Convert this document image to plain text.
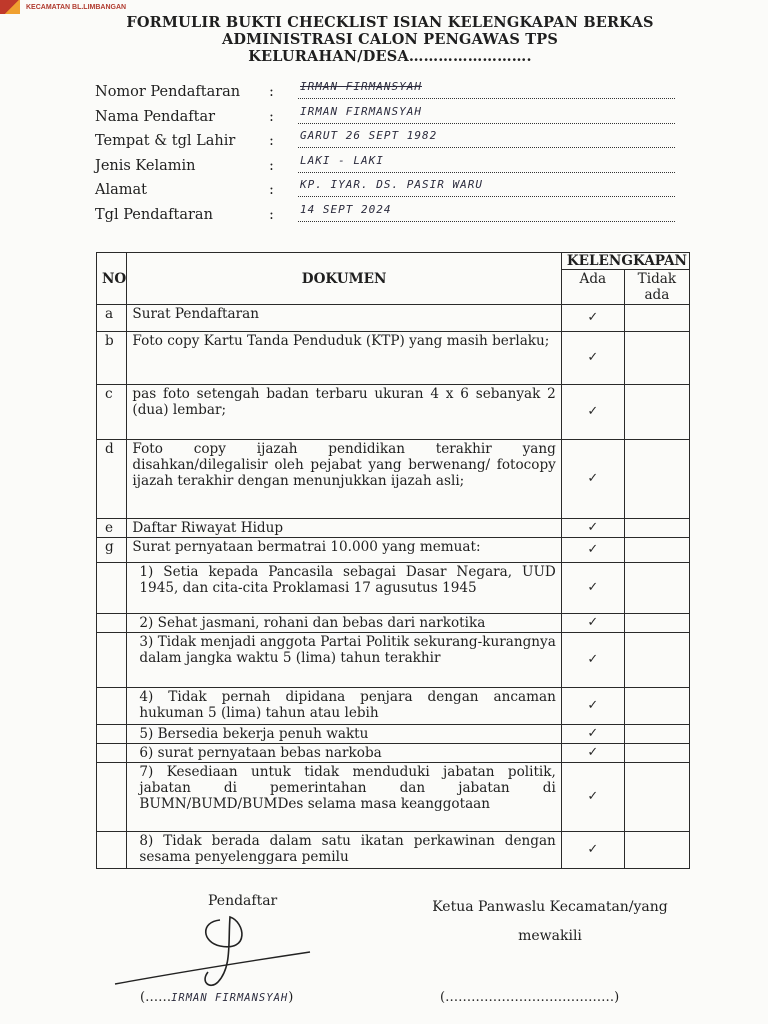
KECAMATAN BL.LIMBANGAN
FORMULIR BUKTI CHECKLIST ISIAN KELENGKAPAN BERKAS
ADMINISTRASI CALON PENGAWAS TPS
KELURAHAN/DESA…………………….
Nomor Pendaftaran : IRMAN FIRMANSYAH
Nama Pendaftar	: IRMAN FIRMANSYAH
Tempat & tgl Lahir : GARUT 26 SEPT 1982
Jenis Kelamin	: LAKI - LAKI
Alamat	: KP. IYAR. DS. PASIR WARU
Tgl Pendaftaran	: 14 SEPT 2024
NO	DOKUMEN	KELENGKAPAN	
		Ada	Tidak ada
a	Surat Pendaftaran	✓	
b	Foto copy Kartu Tanda Penduduk (KTP) yang masih berlaku;	✓	
c	pas foto setengah badan terbaru ukuran 4 x 6 sebanyak 2 (dua) lembar;	✓	
d	Foto copy ijazah pendidikan terakhir yang disahkan/dilegalisir oleh pejabat yang berwenang/ fotocopy ijazah terakhir dengan menunjukkan ijazah asli;	✓	
e	Daftar Riwayat Hidup	✓	
g	Surat pernyataan bermatrai 10.000 yang memuat:	✓	
	1) Setia kepada Pancasila sebagai Dasar Negara, UUD 1945, dan cita-cita Proklamasi 17 agusutus 1945	✓	
	2) Sehat jasmani, rohani dan bebas dari narkotika	✓	
	3) Tidak menjadi anggota Partai Politik sekurang-kurangnya dalam jangka waktu 5 (lima) tahun terakhir	✓	
	4) Tidak pernah dipidana penjara dengan ancaman hukuman 5 (lima) tahun atau lebih	✓	
	5) Bersedia bekerja penuh waktu	✓	
	6) surat pernyataan bebas narkoba	✓	
	7) Kesediaan untuk tidak menduduki jabatan politik, jabatan di pemerintahan dan jabatan di BUMN/BUMD/BUMDes selama masa keanggotaan	✓	
	8) Tidak berada dalam satu ikatan perkawinan dengan sesama penyelenggara pemilu	✓	
Pendaftar	Ketua Panwaslu Kecamatan/yang mewakili
(……IRMAN FIRMANSYAH)	(…………………………………)
